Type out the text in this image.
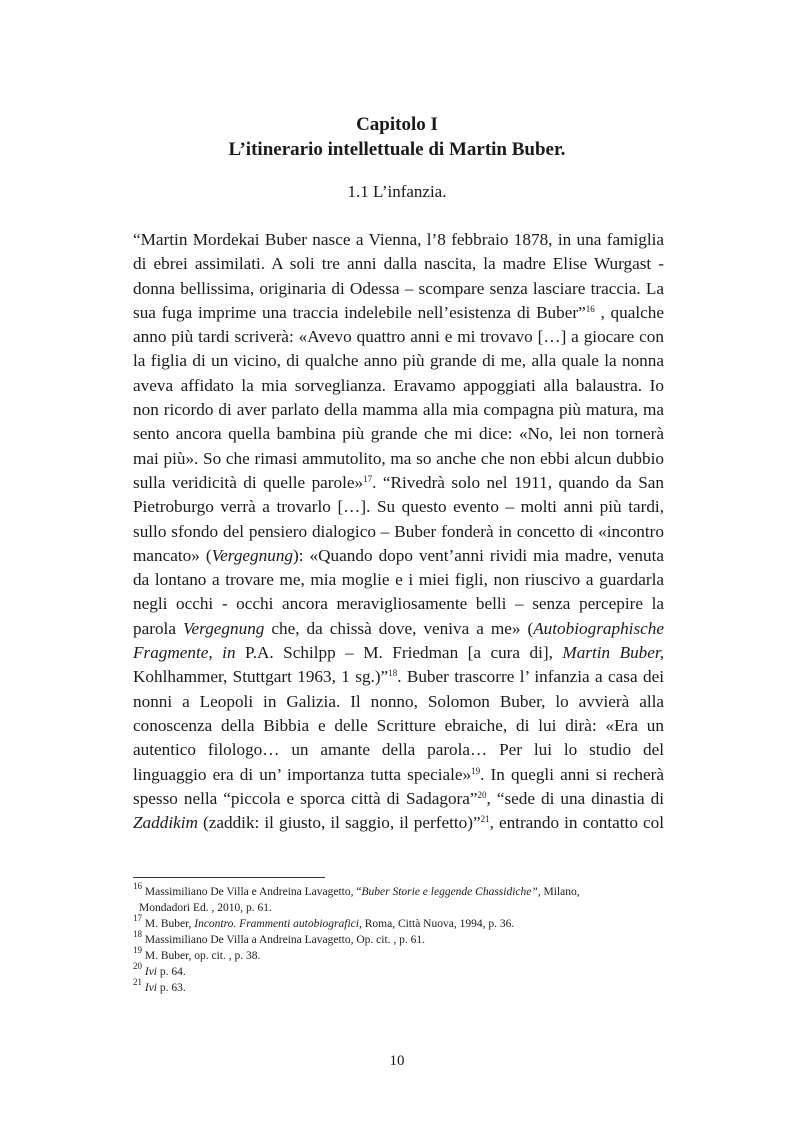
Capitolo I
L’itinerario intellettuale di Martin Buber.
1.1 L’infanzia.
“Martin Mordekai Buber nasce a Vienna, l’8 febbraio 1878, in una famiglia di ebrei assimilati. A soli tre anni dalla nascita, la madre Elise Wurgast - donna bellissima, originaria di Odessa – scompare senza lasciare traccia. La sua fuga imprime una traccia indelebile nell’esistenza di Buber”$^{16}$ , qualche anno più tardi scriverà: «Avevo quattro anni e mi trovavo […] a giocare con la figlia di un vicino, di qualche anno più grande di me, alla quale la nonna aveva affidato la mia sorveglianza. Eravamo appoggiati alla balaustra. Io non ricordo di aver parlato della mamma alla mia compagna più matura, ma sento ancora quella bambina più grande che mi dice: «No, lei non tornerà mai più». So che rimasi ammutolito, ma so anche che non ebbi alcun dubbio sulla veridicità di quelle parole»$^{17}$. “Rivedrà solo nel 1911, quando da San Pietroburgo verrà a trovarlo […]. Su questo evento – molti anni più tardi, sullo sfondo del pensiero dialogico – Buber fonderà in concetto di «incontro mancato» (Vergegnung): «Quando dopo vent’anni rividi mia madre, venuta da lontano a trovare me, mia moglie e i miei figli, non riuscivo a guardarla negli occhi - occhi ancora meravigliosamente belli – senza percepire la parola Vergegnung che, da chissà dove, veniva a me» (Autobiographische Fragmente, in P.A. Schilpp – M. Friedman [a cura di], Martin Buber, Kohlhammer, Stuttgart 1963, 1 sg.)”$^{18}$. Buber trascorre l’ infanzia a casa dei nonni a Leopoli in Galizia. Il nonno, Solomon Buber, lo avvierà alla conoscenza della Bibbia e delle Scritture ebraiche, di lui dirà: «Era un autentico filologo… un amante della parola… Per lui lo studio del linguaggio era di un’ importanza tutta speciale»$^{19}$. In quegli anni si recherà spesso nella “piccola e sporca città di Sadagora”$^{20}$, “sede di una dinastia di Zaddikim (zaddik: il giusto, il saggio, il perfetto)”$^{21}$, entrando in contatto col

$^{16}$ Massimiliano De Villa e Andreina Lavagetto, “Buber Storie e leggende Chassidiche”, Milano,

Mondadori Ed. , 2010, p. 61.

$^{17}$ M. Buber, Incontro. Frammenti autobiografici, Roma, Città Nuova, 1994, p. 36.

$^{18}$ Massimiliano De Villa a Andreina Lavagetto, Op. cit. , p. 61.

$^{19}$ M. Buber, op. cit. , p. 38.

$^{20}$ Ivi p. 64.

$^{21}$ Ivi p. 63.

10
